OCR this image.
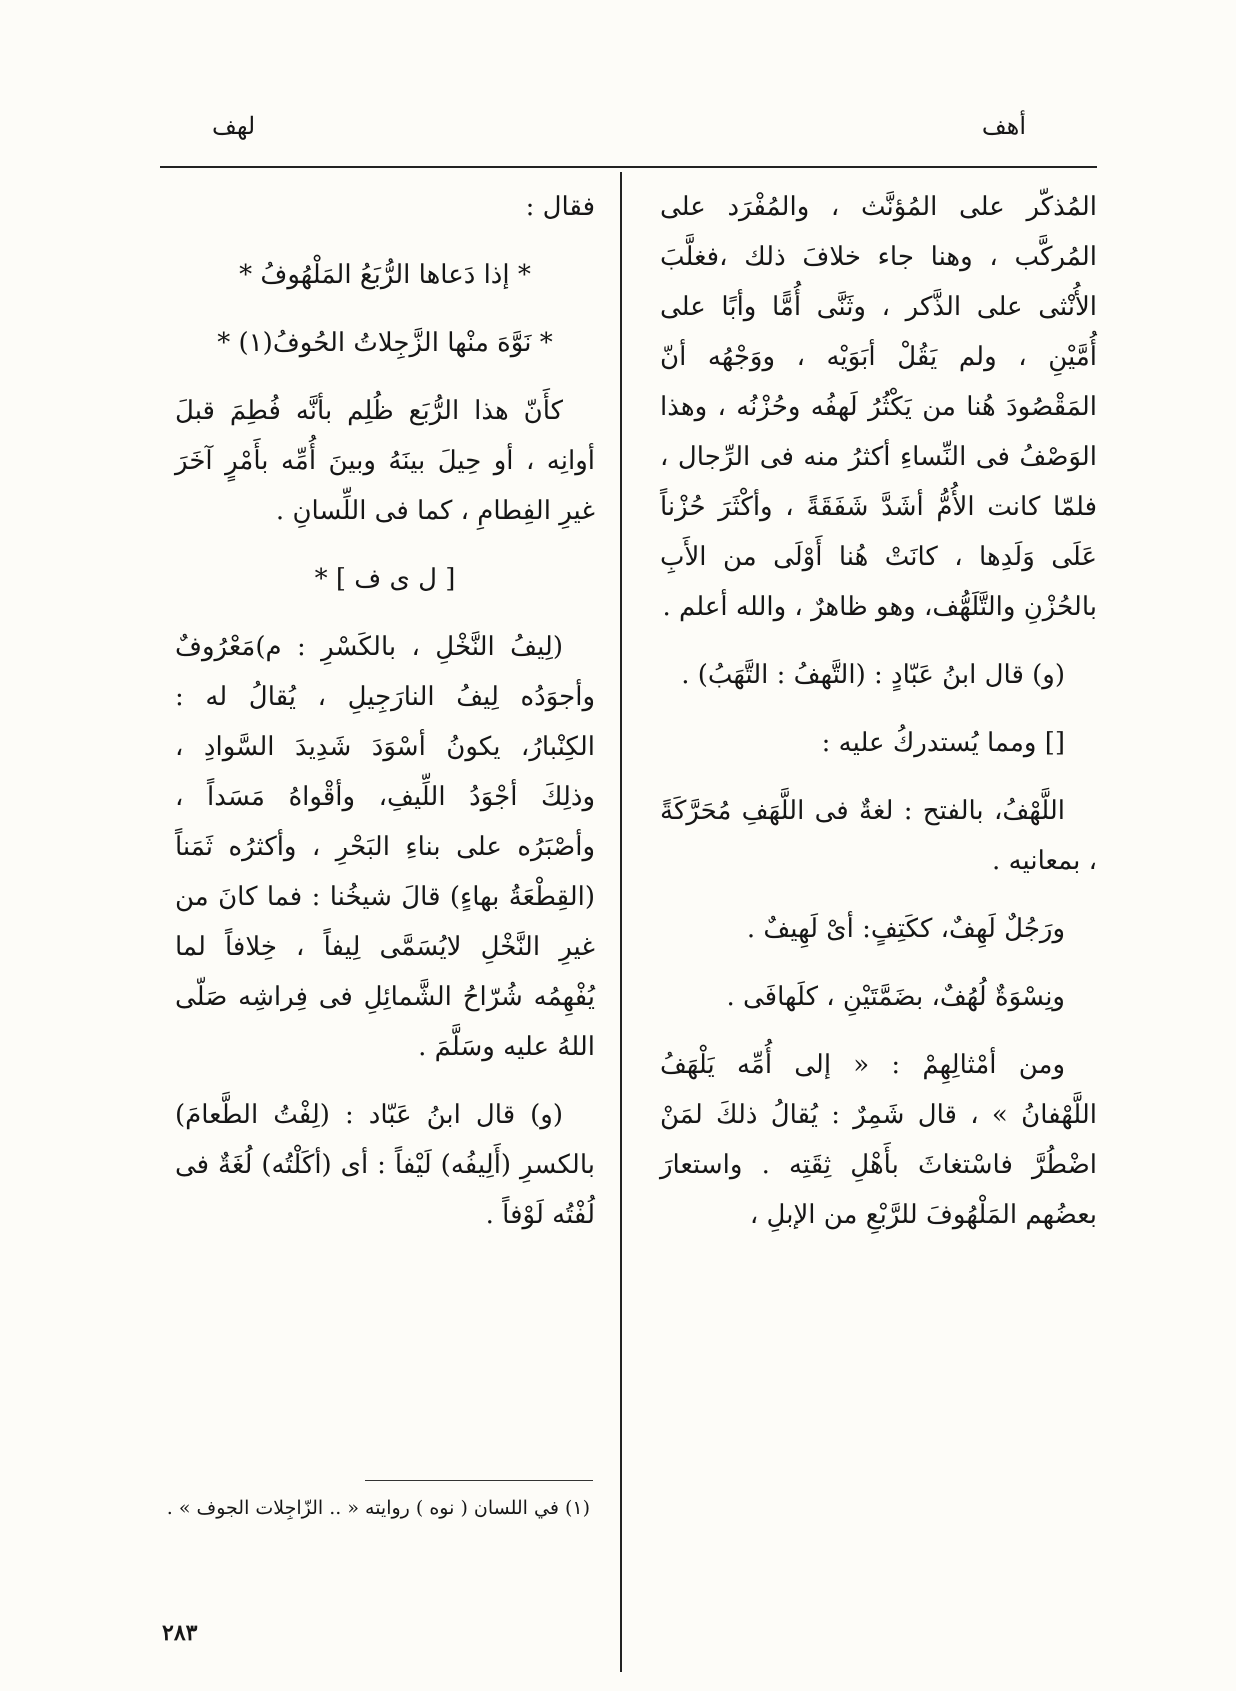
أهف
لهف

المُذكّر على المُؤنَّث ، والمُفْرَد على المُركَّب ، وهنا جاء خلافَ ذلك ،فغلَّبَ الأُنْثى على الذَّكر ، وثَنَّى أُمًّا وأبًا على أُمَّيْنِ ، ولم يَقُلْ أبَوَيْه ، ووَجْهُه أنّ المَقْصُودَ هُنا من يَكْثُرُ لَهفُه وحُزْنُه ، وهذا الوَصْفُ فى النِّساءِ أكثرُ منه فى الرِّجال ، فلمّا كانت الأُمُّ أشَدَّ شَفَقَةً ، وأكْثَرَ حُزْناً عَلَى وَلَدِها ، كانَتْ هُنا أَوْلَى من الأَبِ بالحُزْنِ والتَّلَهُّف، وهو ظاهرٌ ، والله أعلم .

(و) قال ابنُ عَبّادٍ : (التَّهفُ : التَّهَبُ) .

[] ومما يُستدركُ عليه :

اللَّهْفُ، بالفتح : لغةٌ فى اللَّهَفِ مُحَرَّكَةً ، بمعانيه .

ورَجُلٌ لَهِفٌ، ككَتِفٍ: أىْ لَهِيفٌ .

ونِسْوَةٌ لُهُفٌ، بضَمَّتَيْنِ ، كلَهافَى .

ومن أمْثالِهِمْ : « إلى أُمِّه يَلْهَفُ اللَّهْفانُ » ، قال شَمِرٌ : يُقالُ ذلكَ لمَنْ اضْطُرَّ فاسْتغاثَ بأَهْلِ ثِقَتِه . واستعارَ بعضُهم المَلْهُوفَ للرَّبْعِ من الإبلِ ،

فقال :

* إذا دَعاها الرُّبَعُ المَلْهُوفُ *

* نَوَّهَ منْها الزَّجِلاتُ الحُوفُ(١) *

كأَنّ هذا الرُّبَع ظُلِم بأنَّه فُطِمَ قبلَ أوانِه ، أو حِيلَ بينَهُ وبينَ أُمِّه بأَمْرٍ آخَرَ غيرِ الفِطامِ ، كما فى اللِّسانِ .

[ ل ى ف ] *

(لِيفُ النَّخْلِ ، بالكَسْرِ : م)مَعْرُوفٌ وأجوَدُه لِيفُ النارَجِيلِ ، يُقالُ له : الكِنْبارُ، يكونُ أسْوَدَ شَدِيدَ السَّوادِ ، وذلِكَ أجْوَدُ اللِّيفِ، وأقْواهُ مَسَداً ، وأصْبَرُه على بناءِ البَحْرِ ، وأكثرُه ثَمَناً (القِطْعَةُ بهاءٍ) قالَ شيخُنا : فما كانَ من غيرِ النَّخْلِ لايُسَمَّى لِيفاً ، خِلافاً لما يُفْهِمُه شُرّاحُ الشَّمائِلِ فى فِراشِه صَلّى اللهُ عليه وسَلَّمَ .

(و) قال ابنُ عَبّاد : (لِفْتُ الطَّعامَ) بالكسرِ (أَلِيفُه) لَيْفاً : أى (أكَلْتُه) لُغَةٌ فى لُفْتُه لَوْفاً .

(١) في اللسان ( نوه ) روايته « .. الزّاجِلات الجوف » .
٢٨٣
